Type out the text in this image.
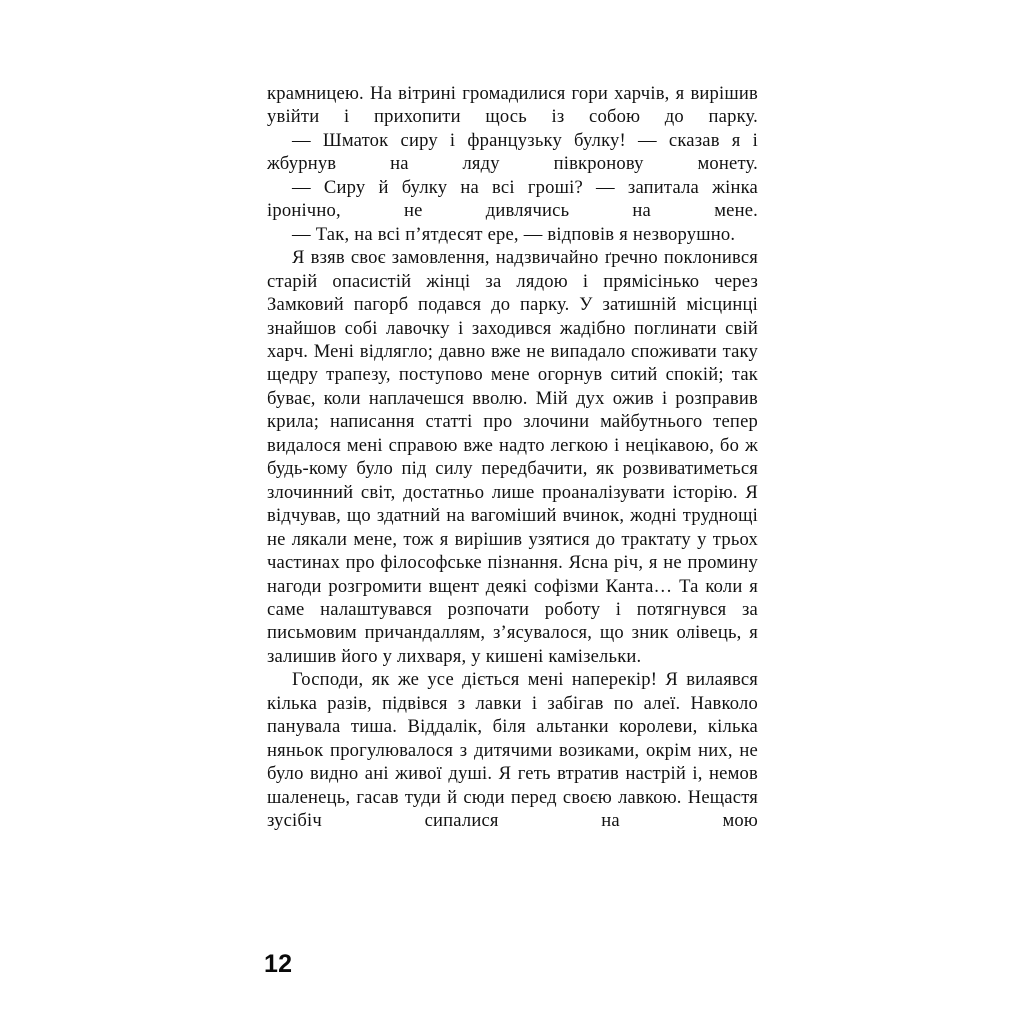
крамницею. На вітрині громадилися гори харчів, я вирішив увійти і прихопити щось із собою до парку.

— Шматок сиру і французьку булку! — сказав я і жбурнув на ляду півкронову монету.

— Сиру й булку на всі гроші? — запитала жінка іронічно, не дивлячись на мене.

— Так, на всі п’ятдесят ере, — відповів я незворушно.

Я взяв своє замовлення, надзвичайно ґречно поклонився старій опасистій жінці за лядою і прямісінько через Замковий пагорб подався до парку. У затишній місцинці знайшов собі лавочку і заходився жадібно поглинати свій харч. Мені відлягло; давно вже не випадало споживати таку щедру трапезу, поступово мене огорнув ситий спокій; так буває, коли наплачешся вволю. Мій дух ожив і розправив крила; написання статті про злочини майбутнього тепер видалося мені справою вже надто легкою і нецікавою, бо ж будь-кому було під силу передбачити, як розвиватиметься злочинний світ, достатньо лише проаналізувати історію. Я відчував, що здатний на вагоміший вчинок, жодні труднощі не лякали мене, тож я вирішив узятися до трактату у трьох частинах про філософське пізнання. Ясна річ, я не промину нагоди розгромити вщент деякі софізми Канта… Та коли я саме налаштувався розпочати роботу і потягнувся за письмовим причандаллям, з’ясувалося, що зник олівець, я залишив його у лихваря, у кишені камізельки.

Господи, як же усе діється мені наперекір! Я вилаявся кілька разів, підвівся з лавки і забігав по алеї. Навколо панувала тиша. Віддалік, біля альтанки королеви, кілька няньок прогулювалося з дитячими возиками, окрім них, не було видно ані живої душі. Я геть втратив настрій і, немов шаленець, гасав туди й сюди перед своєю лавкою. Нещастя зусібіч сипалися на мою

12
